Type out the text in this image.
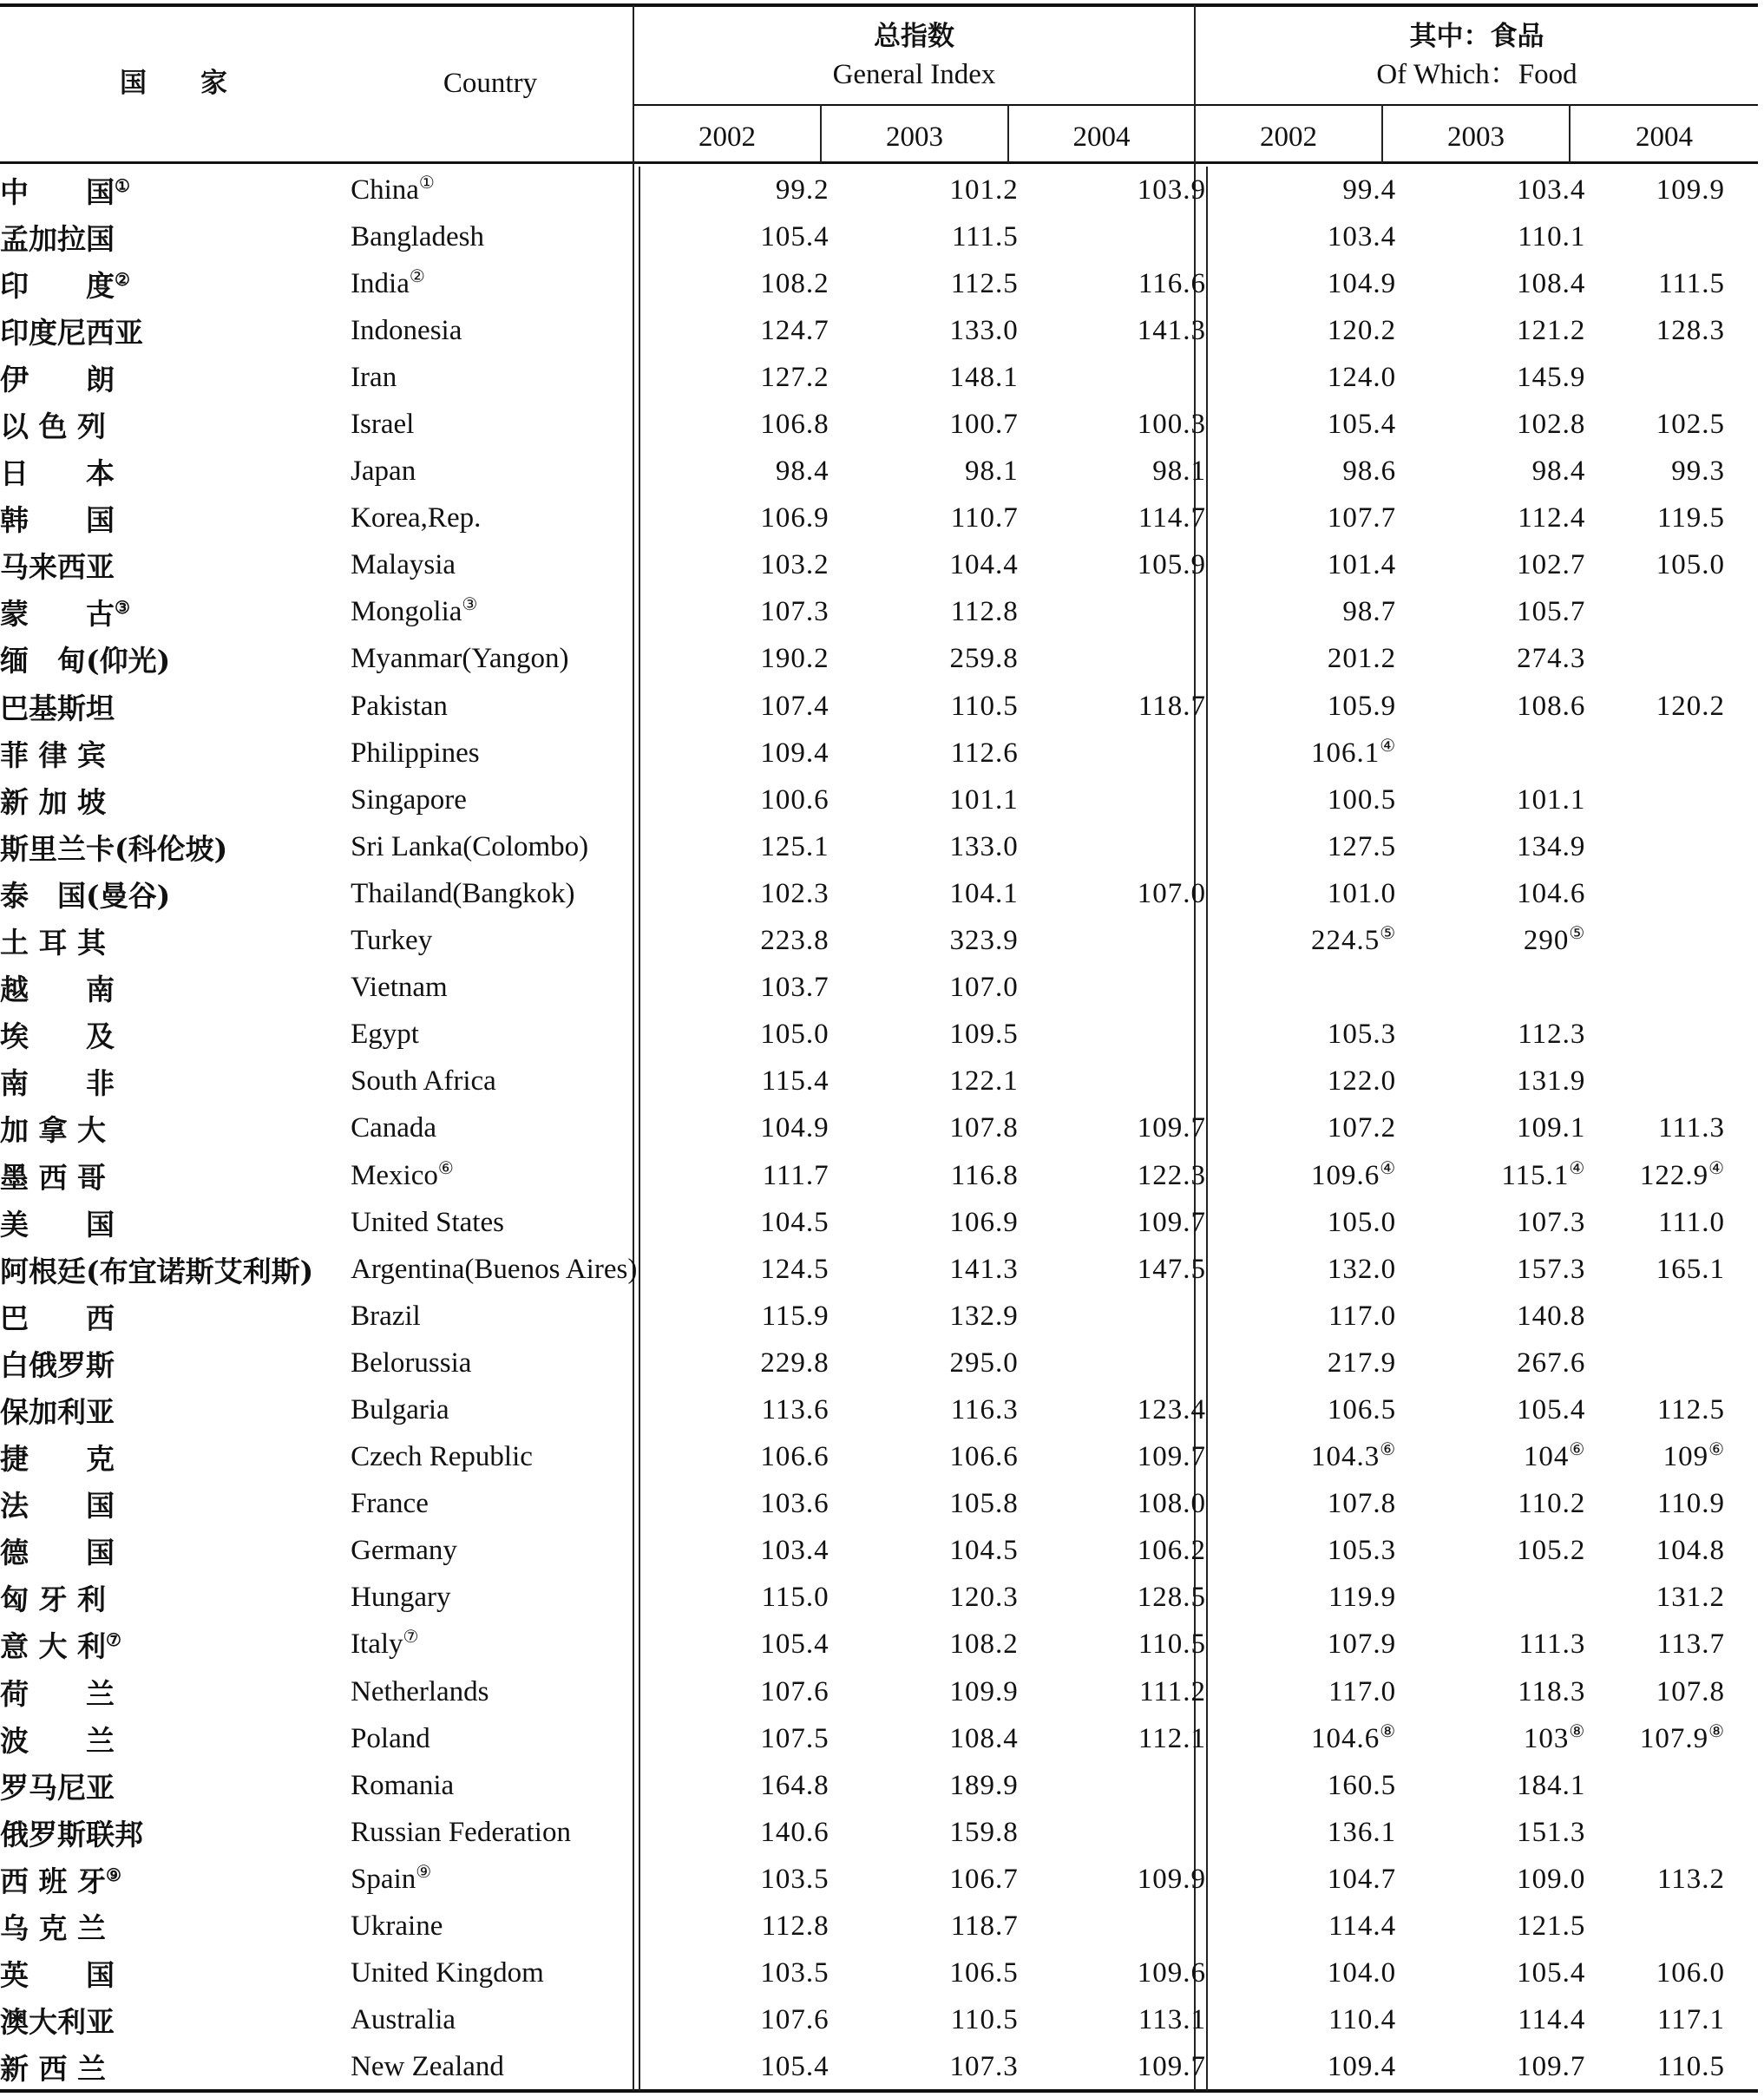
国　　家	Country
总指数
General Index
其中：食品
Of Which：Food
2002	2003	2004	2002	2003	2004
中　　国①	China①	99.2	101.2	103.9	99.4	103.4	109.9
孟加拉国	Bangladesh	105.4	111.5		103.4	110.1	
印　　度②	India②	108.2	112.5	116.6	104.9	108.4	111.5
印度尼西亚	Indonesia	124.7	133.0	141.3	120.2	121.2	128.3
伊　　朗	Iran	127.2	148.1		124.0	145.9	
以 色 列	Israel	106.8	100.7	100.3	105.4	102.8	102.5
日　　本	Japan	98.4	98.1	98.1	98.6	98.4	99.3
韩　　国	Korea,Rep.	106.9	110.7	114.7	107.7	112.4	119.5
马来西亚	Malaysia	103.2	104.4	105.9	101.4	102.7	105.0
蒙　　古③	Mongolia③	107.3	112.8		98.7	105.7	
缅　甸(仰光)	Myanmar(Yangon)	190.2	259.8		201.2	274.3	
巴基斯坦	Pakistan	107.4	110.5	118.7	105.9	108.6	120.2
菲 律 宾	Philippines	109.4	112.6		106.1④		
新 加 坡	Singapore	100.6	101.1		100.5	101.1	
斯里兰卡(科伦坡)	Sri Lanka(Colombo)	125.1	133.0		127.5	134.9	
泰　国(曼谷)	Thailand(Bangkok)	102.3	104.1	107.0	101.0	104.6	
土 耳 其	Turkey	223.8	323.9		224.5⑤	290⑤	
越　　南	Vietnam	103.7	107.0				
埃　　及	Egypt	105.0	109.5		105.3	112.3	
南　　非	South Africa	115.4	122.1		122.0	131.9	
加 拿 大	Canada	104.9	107.8	109.7	107.2	109.1	111.3
墨 西 哥	Mexico⑥	111.7	116.8	122.3	109.6④	115.1④	122.9④
美　　国	United States	104.5	106.9	109.7	105.0	107.3	111.0
阿根廷(布宜诺斯艾利斯)	Argentina(Buenos Aires)	124.5	141.3	147.5	132.0	157.3	165.1
巴　　西	Brazil	115.9	132.9		117.0	140.8	
白俄罗斯	Belorussia	229.8	295.0		217.9	267.6	
保加利亚	Bulgaria	113.6	116.3	123.4	106.5	105.4	112.5
捷　　克	Czech Republic	106.6	106.6	109.7	104.3⑥	104⑥	109⑥
法　　国	France	103.6	105.8	108.0	107.8	110.2	110.9
德　　国	Germany	103.4	104.5	106.2	105.3	105.2	104.8
匈 牙 利	Hungary	115.0	120.3	128.5	119.9		131.2
意 大 利⑦	Italy⑦	105.4	108.2	110.5	107.9	111.3	113.7
荷　　兰	Netherlands	107.6	109.9	111.2	117.0	118.3	107.8
波　　兰	Poland	107.5	108.4	112.1	104.6⑧	103⑧	107.9⑧
罗马尼亚	Romania	164.8	189.9		160.5	184.1	
俄罗斯联邦	Russian Federation	140.6	159.8		136.1	151.3	
西 班 牙⑨	Spain⑨	103.5	106.7	109.9	104.7	109.0	113.2
乌 克 兰	Ukraine	112.8	118.7		114.4	121.5	
英　　国	United Kingdom	103.5	106.5	109.6	104.0	105.4	106.0
澳大利亚	Australia	107.6	110.5	113.1	110.4	114.4	117.1
新 西 兰	New Zealand	105.4	107.3	109.7	109.4	109.7	110.5
